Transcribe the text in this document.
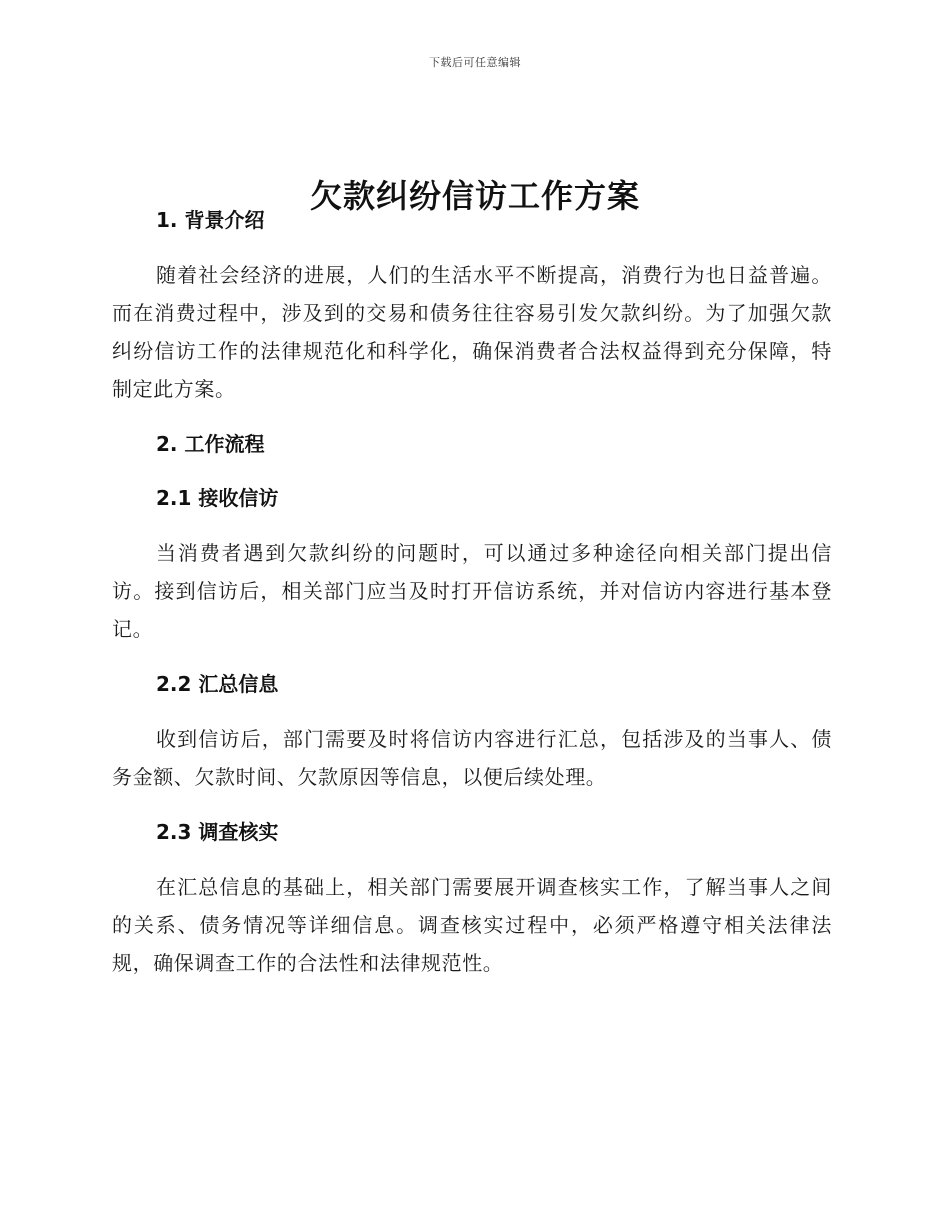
下载后可任意编辑
欠款纠纷信访工作方案
1. 背景介绍

随着社会经济的进展，人们的生活水平不断提高，消费行为也日益普遍。而在消费过程中，涉及到的交易和债务往往容易引发欠款纠纷。为了加强欠款纠纷信访工作的法律规范化和科学化，确保消费者合法权益得到充分保障，特制定此方案。

2. 工作流程
2.1 接收信访

当消费者遇到欠款纠纷的问题时，可以通过多种途径向相关部门提出信访。接到信访后，相关部门应当及时打开信访系统，并对信访内容进行基本登记。

2.2 汇总信息

收到信访后，部门需要及时将信访内容进行汇总，包括涉及的当事人、债务金额、欠款时间、欠款原因等信息，以便后续处理。

2.3 调查核实

在汇总信息的基础上，相关部门需要展开调查核实工作，了解当事人之间的关系、债务情况等详细信息。调查核实过程中，必须严格遵守相关法律法规，确保调查工作的合法性和法律规范性。
